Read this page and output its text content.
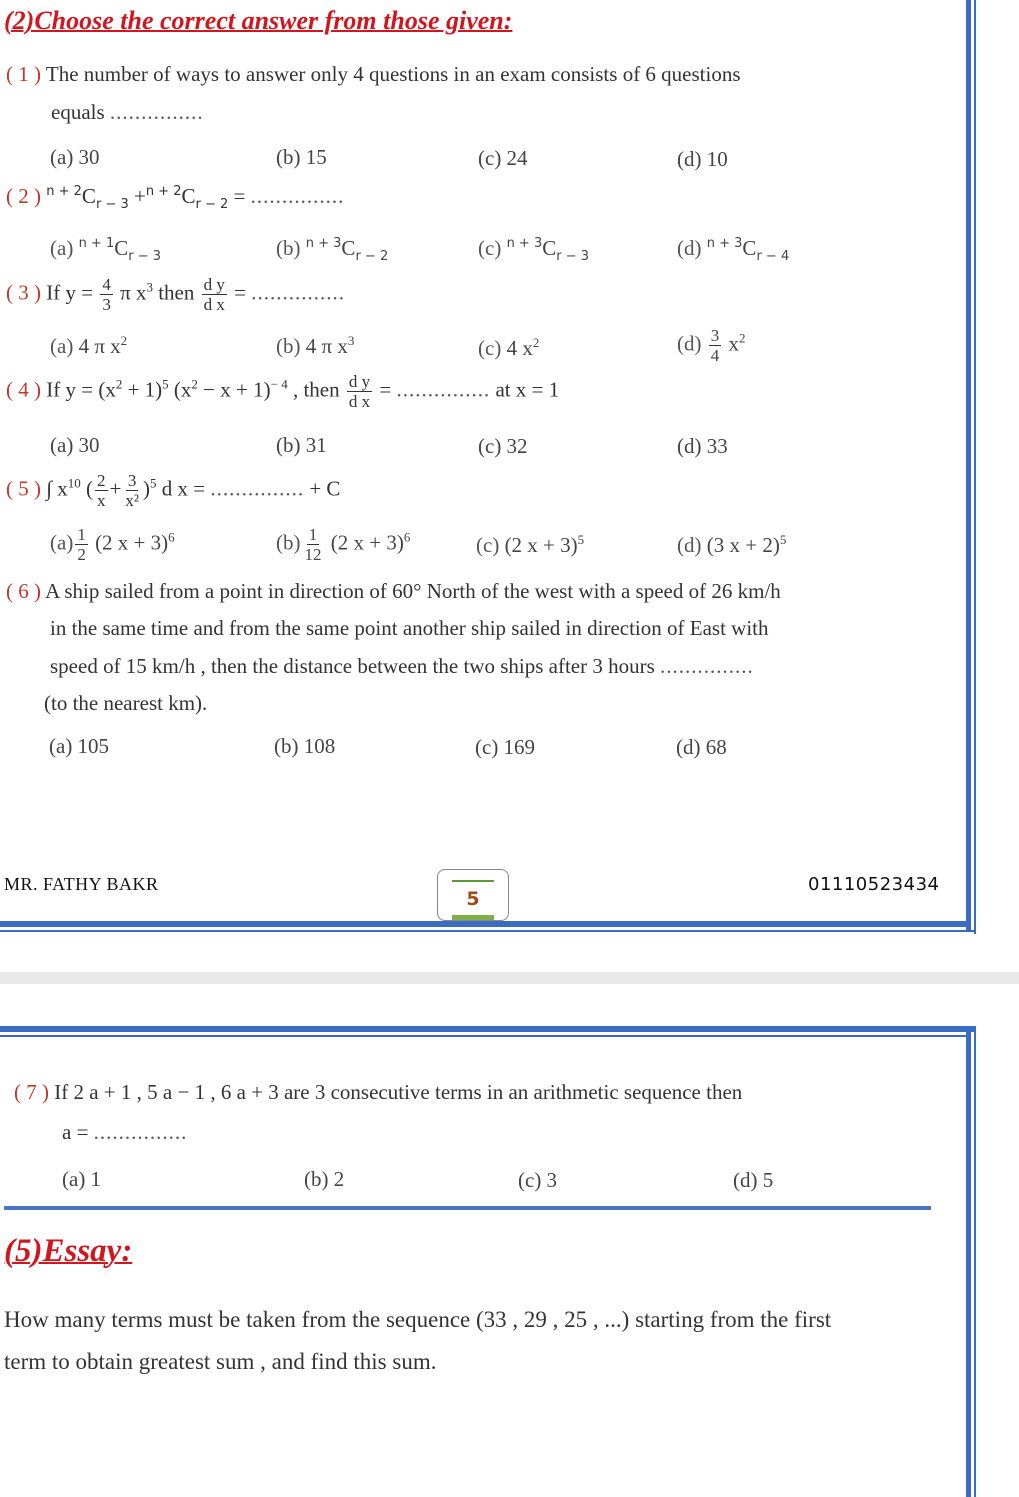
(2)Choose the correct answer from those given:
( 1 ) The number of ways to answer only 4 questions in an exam consists of 6 questions
equals ...............
(a) 30	(b) 15	(c) 24	(d) 10
( 2 ) $^{n + 2}C_{r - 3} +^{n + 2}C_{r - 2}$ = ...............
(a) $^{n + 1}C_{r - 3}$	(b) $^{n + 3}C_{r - 2}$	(c) $^{n + 3}C_{r - 3}$	(d) $^{n + 3}C_{r - 4}$
( 3 ) If $y = \frac{4}{3}$ π $x^3$ then $\frac{\text{d y}}{\text{d x}}$ = ...............
(a) 4 π $x^2$	(b) 4 π $x^3$	(c) 4 $x^2$	$(d) \frac{3}{4} x^2$
( 4 ) If $y = (x^2 + 1)^5$ $(x^2 - x + 1)^{- 4}$ , then $\frac{\text{d y}}{\text{d x}}$ = ............... at x = 1
(a) 30	(b) 31	(c) 32	(d) 33
( 5 ) ∫ $x^{10}$ ( $\frac{2}{x} + \frac{3}{\text{x²}} )^5$ d x = ............... + C
$(a) \frac{1}{2} (2$ x + 3)$^6$	$(b) \frac{1}{12} (2$ x + 3)$^6$	(c) (2 x + 3)$^5$	(d) (3 x + 2)$^5$
( 6 ) A ship sailed from a point in direction of 60° North of the west with a speed of 26 km/h
in the same time and from the same point another ship sailed in direction of East with
speed of 15 km/h , then the distance between the two ships after 3 hours ...............
(to the nearest km).
(a) 105	(b) 108	(c) 169	(d) 68
MR. FATHY BAKR
5
01110523434
( 7 ) If 2 a + 1 , 5 a − 1 , 6 a + 3 are 3 consecutive terms in an arithmetic sequence then
a = ...............
(a) 1	(b) 2	(c) 3	(d) 5
(5)Essay:
How many terms must be taken from the sequence (33 , 29 , 25 , ...) starting from the first
term to obtain greatest sum , and find this sum.
